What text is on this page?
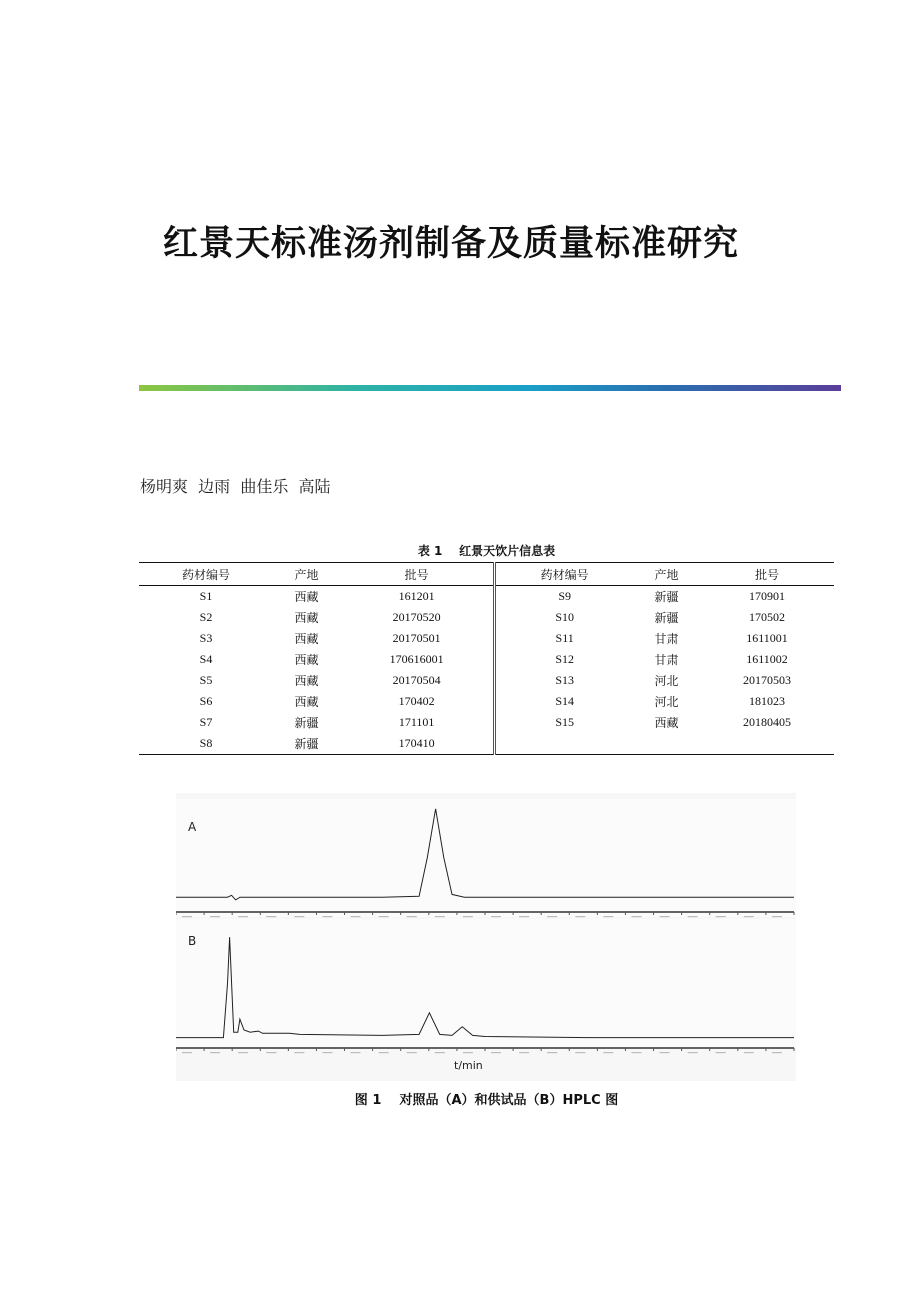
红景天标准汤剂制备及质量标准研究
杨明爽  边雨  曲佳乐  高陆
表 1    红景天饮片信息表
药材编号	产地	批号	药材编号	产地	批号
S1	西藏	161201	S9	新疆	170901
S2	西藏	20170520	S10	新疆	170502
S3	西藏	20170501	S11	甘肃	1611001
S4	西藏	170616001	S12	甘肃	1611002
S5	西藏	20170504	S13	河北	20170503
S6	西藏	170402	S14	河北	181023
S7	新疆	171101	S15	西藏	20180405
S8	新疆	170410			
A
B
t/min
图 1    对照品（A）和供试品（B）HPLC 图
